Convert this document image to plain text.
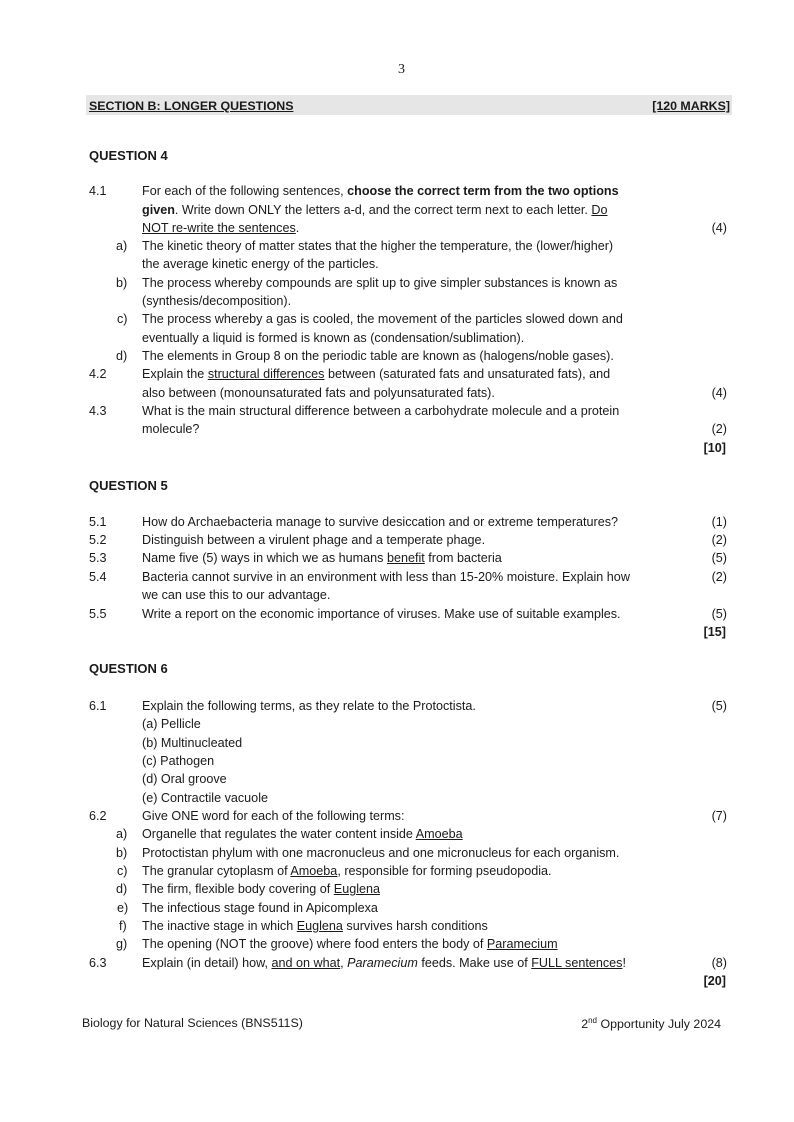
3
SECTION B: LONGER QUESTIONS	[120 MARKS]
QUESTION 4
4.1	For each of the following sentences, choose the correct term from the two options
given. Write down ONLY the letters a-d, and the correct term next to each letter. Do
NOT re-write the sentences.	(4)
a) The kinetic theory of matter states that the higher the temperature, the (lower/higher)
the average kinetic energy of the particles.
b) The process whereby compounds are split up to give simpler substances is known as
(synthesis/decomposition).
c) The process whereby a gas is cooled, the movement of the particles slowed down and
eventually a liquid is formed is known as (condensation/sublimation).
d) The elements in Group 8 on the periodic table are known as (halogens/noble gases).
4.2	Explain the structural differences between (saturated fats and unsaturated fats), and
also between (monounsaturated fats and polyunsaturated fats).	(4)
4.3	What is the main structural difference between a carbohydrate molecule and a protein
molecule?	(2)
[10]
QUESTION 5
5.1	How do Archaebacteria manage to survive desiccation and or extreme temperatures?	(1)
5.2	Distinguish between a virulent phage and a temperate phage.	(2)
5.3	Name five (5) ways in which we as humans benefit from bacteria	(5)
5.4	Bacteria cannot survive in an environment with less than 15-20% moisture. Explain how	(2)
we can use this to our advantage.
5.5	Write a report on the economic importance of viruses. Make use of suitable examples.	(5)
[15]
QUESTION 6
6.1	Explain the following terms, as they relate to the Protoctista.	(5)
(a) Pellicle
(b) Multinucleated
(c) Pathogen
(d) Oral groove
(e) Contractile vacuole
6.2	Give ONE word for each of the following terms:	(7)
a) Organelle that regulates the water content inside Amoeba
b) Protoctistan phylum with one macronucleus and one micronucleus for each organism.
c) The granular cytoplasm of Amoeba, responsible for forming pseudopodia.
d) The firm, flexible body covering of Euglena
e) The infectious stage found in Apicomplexa
f) The inactive stage in which Euglena survives harsh conditions
g) The opening (NOT the groove) where food enters the body of Paramecium
6.3	Explain (in detail) how, and on what, Paramecium feeds. Make use of FULL sentences!	(8)
[20]
Biology for Natural Sciences (BNS511S)	2nd Opportunity July 2024
